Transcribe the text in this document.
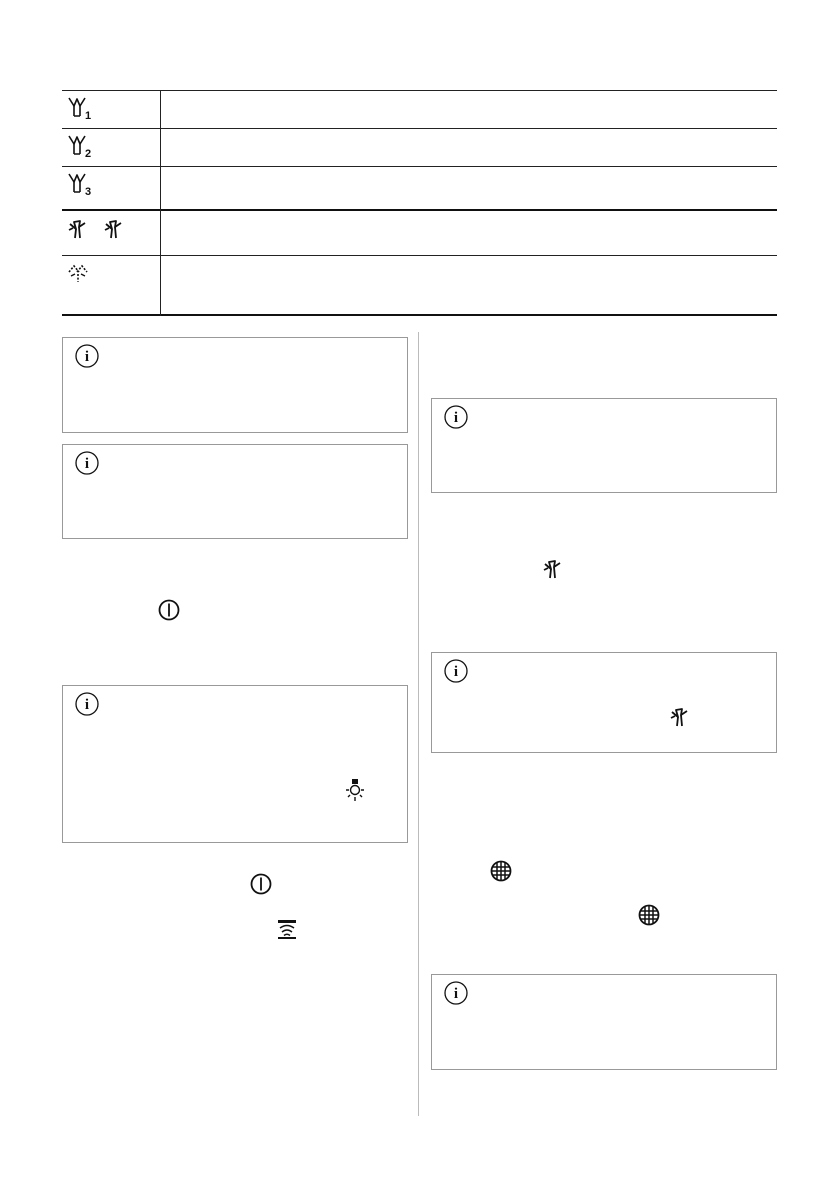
1
2
3
i
i
i
i
i
i
